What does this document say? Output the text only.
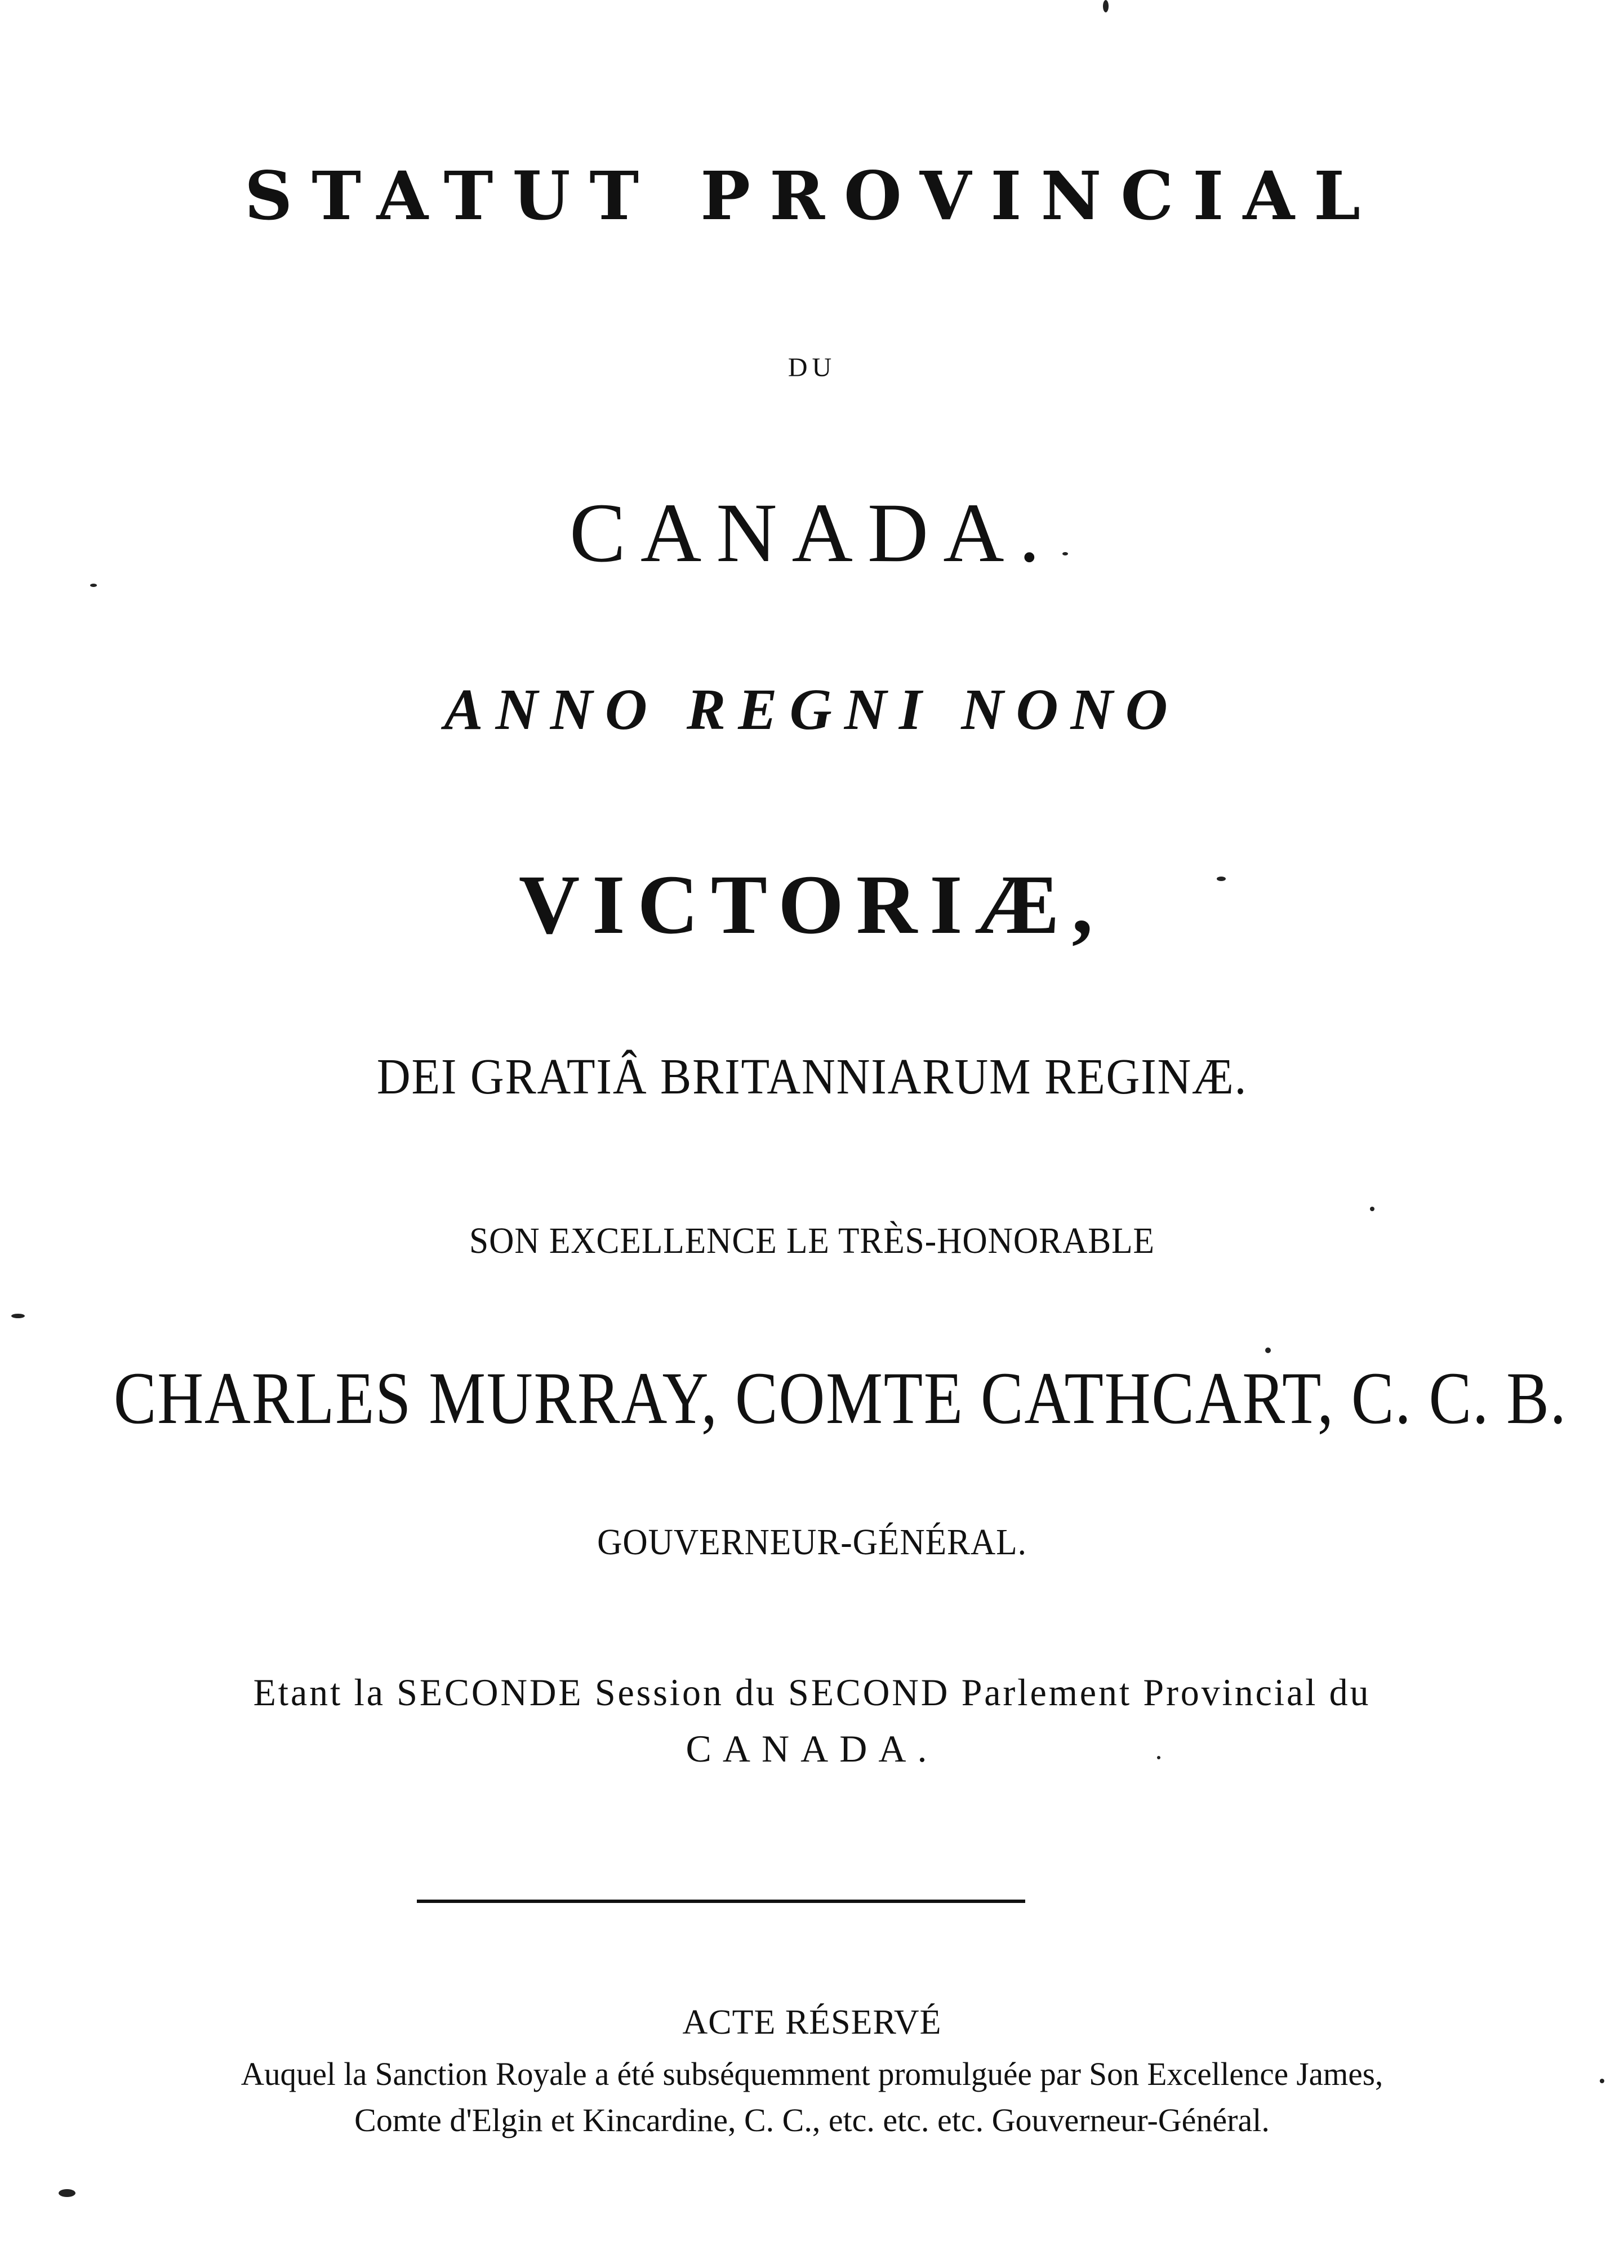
STATUT PROVINCIAL
DU
CANADA.
ANNO REGNI NONO
VICTORIÆ,
DEI GRATIÂ BRITANNIARUM REGINÆ.
SON EXCELLENCE LE TRÈS-HONORABLE
CHARLES MURRAY, COMTE CATHCART, C. C. B.
GOUVERNEUR-GÉNÉRAL.
Etant la SECONDE Session du SECOND Parlement Provincial du
CANADA.
ACTE RÉSERVÉ
Auquel la Sanction Royale a été subséquemment promulguée par Son Excellence James,
Comte d'Elgin et Kincardine, C. C., etc. etc. etc. Gouverneur-Général.
